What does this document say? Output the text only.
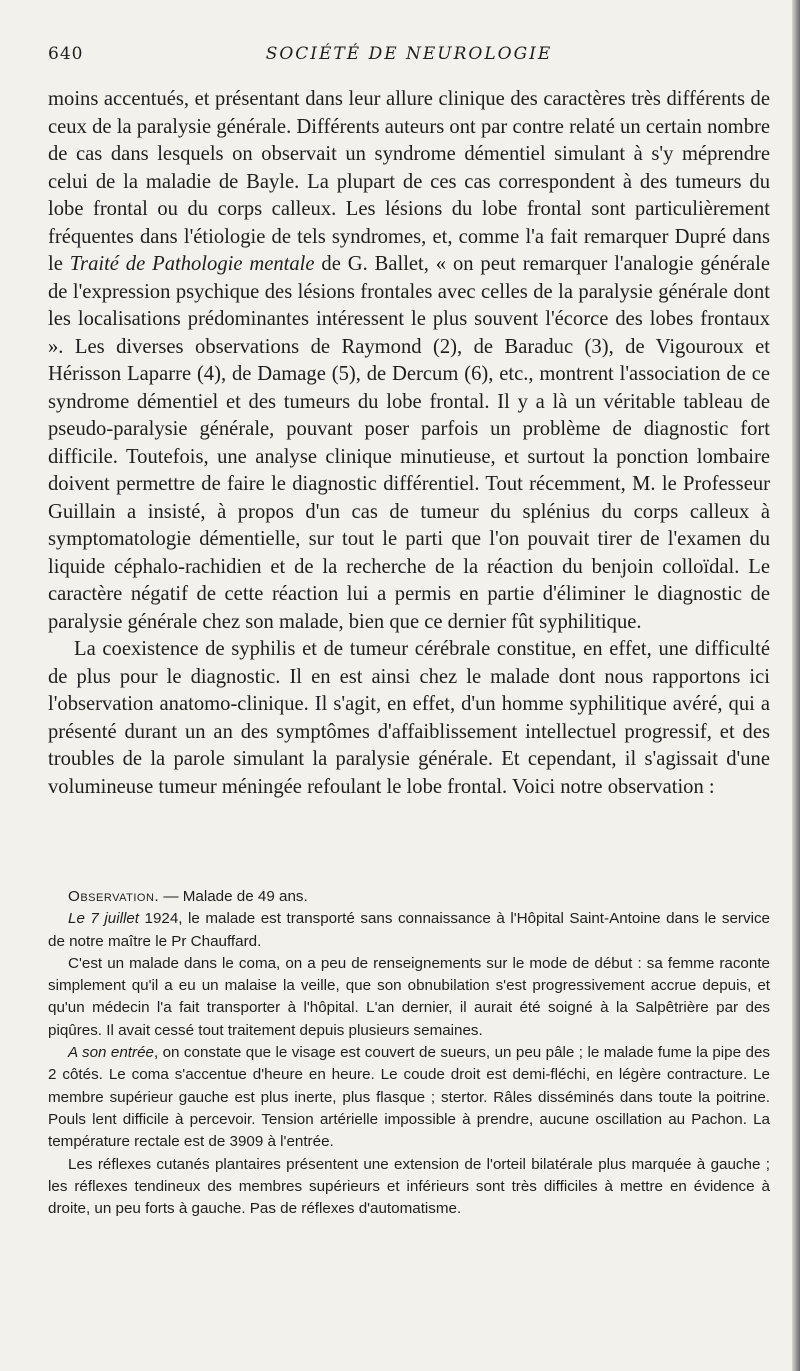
640	SOCIÉTÉ DE NEUROLOGIE

moins accentués, et présentant dans leur allure clinique des caractères très différents de ceux de la paralysie générale. Différents auteurs ont par contre relaté un certain nombre de cas dans lesquels on observait un syndrome démentiel simulant à s'y méprendre celui de la maladie de Bayle. La plupart de ces cas correspondent à des tumeurs du lobe frontal ou du corps calleux. Les lésions du lobe frontal sont particulièrement fréquentes dans l'étiologie de tels syndromes, et, comme l'a fait remarquer Dupré dans le Traité de Pathologie mentale de G. Ballet, « on peut remarquer l'analogie générale de l'expression psychique des lésions frontales avec celles de la paralysie générale dont les localisations prédominantes intéressent le plus souvent l'écorce des lobes frontaux ». Les diverses observations de Raymond (2), de Baraduc (3), de Vigouroux et Hérisson Laparre (4), de Damage (5), de Dercum (6), etc., montrent l'association de ce syndrome démentiel et des tumeurs du lobe frontal. Il y a là un véritable tableau de pseudo-paralysie générale, pouvant poser parfois un problème de diagnostic fort difficile. Toutefois, une analyse clinique minutieuse, et surtout la ponction lombaire doivent permettre de faire le diagnostic différentiel. Tout récemment, M. le Professeur Guillain a insisté, à propos d'un cas de tumeur du splénius du corps calleux à symptomatologie démentielle, sur tout le parti que l'on pouvait tirer de l'examen du liquide céphalo-rachidien et de la recherche de la réaction du benjoin colloïdal. Le caractère négatif de cette réaction lui a permis en partie d'éliminer le diagnostic de paralysie générale chez son malade, bien que ce dernier fût syphilitique.

La coexistence de syphilis et de tumeur cérébrale constitue, en effet, une difficulté de plus pour le diagnostic. Il en est ainsi chez le malade dont nous rapportons ici l'observation anatomo-clinique. Il s'agit, en effet, d'un homme syphilitique avéré, qui a présenté durant un an des symptômes d'affaiblissement intellectuel progressif, et des troubles de la parole simulant la paralysie générale. Et cependant, il s'agissait d'une volumineuse tumeur méningée refoulant le lobe frontal. Voici notre observation :

Observation. — Malade de 49 ans.

Le 7 juillet 1924, le malade est transporté sans connaissance à l'Hôpital Saint-Antoine dans le service de notre maître le Pr Chauffard.

C'est un malade dans le coma, on a peu de renseignements sur le mode de début : sa femme raconte simplement qu'il a eu un malaise la veille, que son obnubilation s'est progressivement accrue depuis, et qu'un médecin l'a fait transporter à l'hôpital. L'an dernier, il aurait été soigné à la Salpêtrière par des piqûres. Il avait cessé tout traitement depuis plusieurs semaines.

A son entrée, on constate que le visage est couvert de sueurs, un peu pâle ; le malade fume la pipe des 2 côtés. Le coma s'accentue d'heure en heure. Le coude droit est demi-fléchi, en légère contracture. Le membre supérieur gauche est plus inerte, plus flasque ; stertor. Râles disséminés dans toute la poitrine. Pouls lent difficile à percevoir. Tension artérielle impossible à prendre, aucune oscillation au Pachon. La température rectale est de 3909 à l'entrée.

Les réflexes cutanés plantaires présentent une extension de l'orteil bilatérale plus marquée à gauche ; les réflexes tendineux des membres supérieurs et inférieurs sont très difficiles à mettre en évidence à droite, un peu forts à gauche. Pas de réflexes d'automatisme.
